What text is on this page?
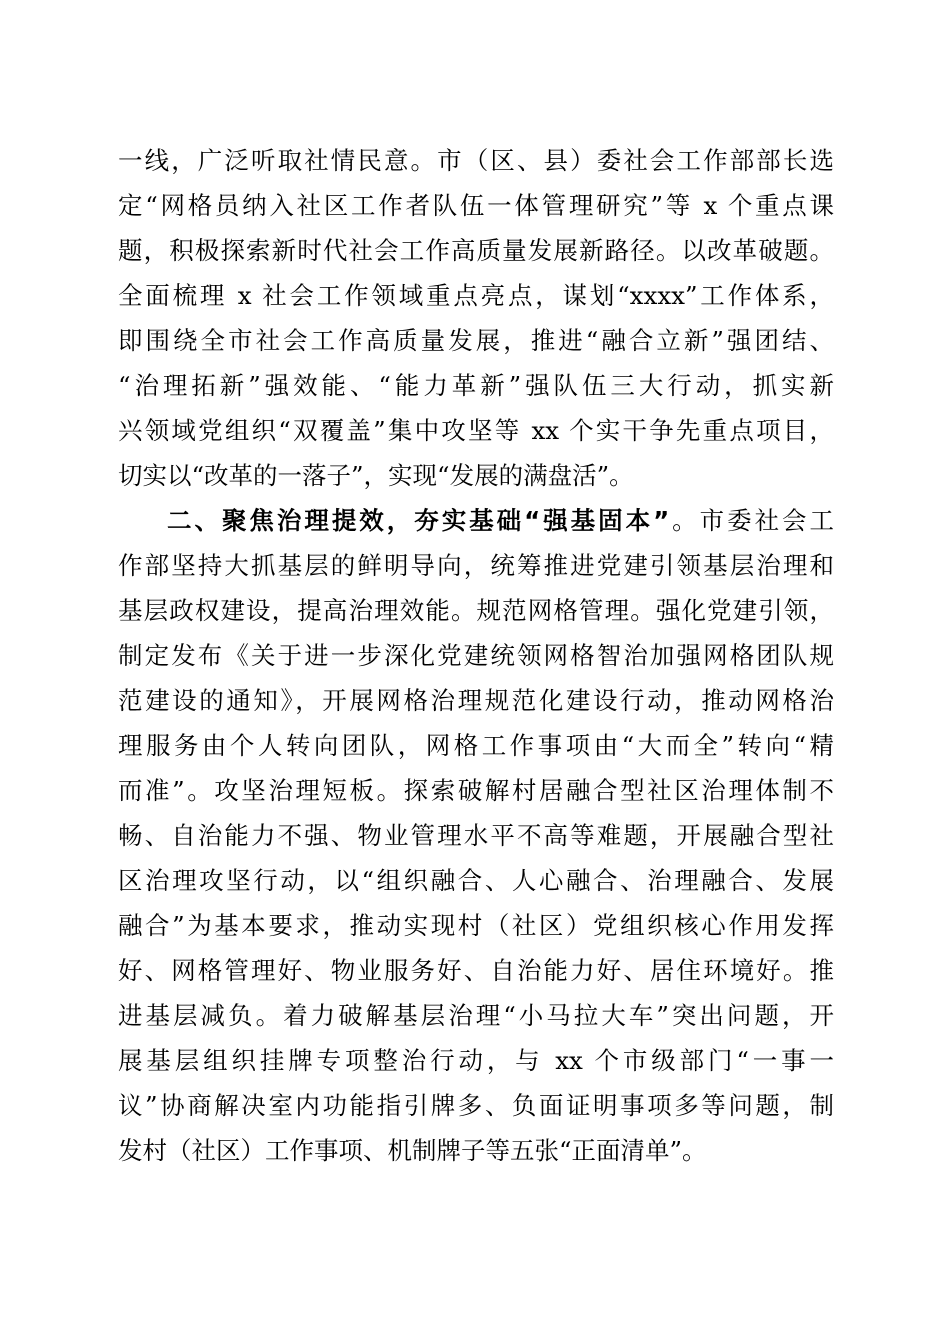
一线，广泛听取社情民意。市（区、县）委社会工作部部长选
定“网格员纳入社区工作者队伍一体管理研究”等 x 个重点课
题，积极探索新时代社会工作高质量发展新路径。以改革破题。
全面梳理 x 社会工作领域重点亮点，谋划“xxxx”工作体系，
即围绕全市社会工作高质量发展，推进“融合立新”强团结、
“治理拓新”强效能、“能力革新”强队伍三大行动，抓实新
兴领域党组织“双覆盖”集中攻坚等 xx 个实干争先重点项目，
切实以“改革的一落子”，实现“发展的满盘活”。
二、聚焦治理提效，夯实基础“强基固本”。市委社会工
作部坚持大抓基层的鲜明导向，统筹推进党建引领基层治理和
基层政权建设，提高治理效能。规范网格管理。强化党建引领，
制定发布《关于进一步深化党建统领网格智治加强网格团队规
范建设的通知》，开展网格治理规范化建设行动，推动网格治
理服务由个人转向团队，网格工作事项由“大而全”转向“精
而准”。攻坚治理短板。探索破解村居融合型社区治理体制不
畅、自治能力不强、物业管理水平不高等难题，开展融合型社
区治理攻坚行动，以“组织融合、人心融合、治理融合、发展
融合”为基本要求，推动实现村（社区）党组织核心作用发挥
好、网格管理好、物业服务好、自治能力好、居住环境好。推
进基层减负。着力破解基层治理“小马拉大车”突出问题，开
展基层组织挂牌专项整治行动，与 xx 个市级部门“一事一
议”协商解决室内功能指引牌多、负面证明事项多等问题，制
发村（社区）工作事项、机制牌子等五张“正面清单”。
